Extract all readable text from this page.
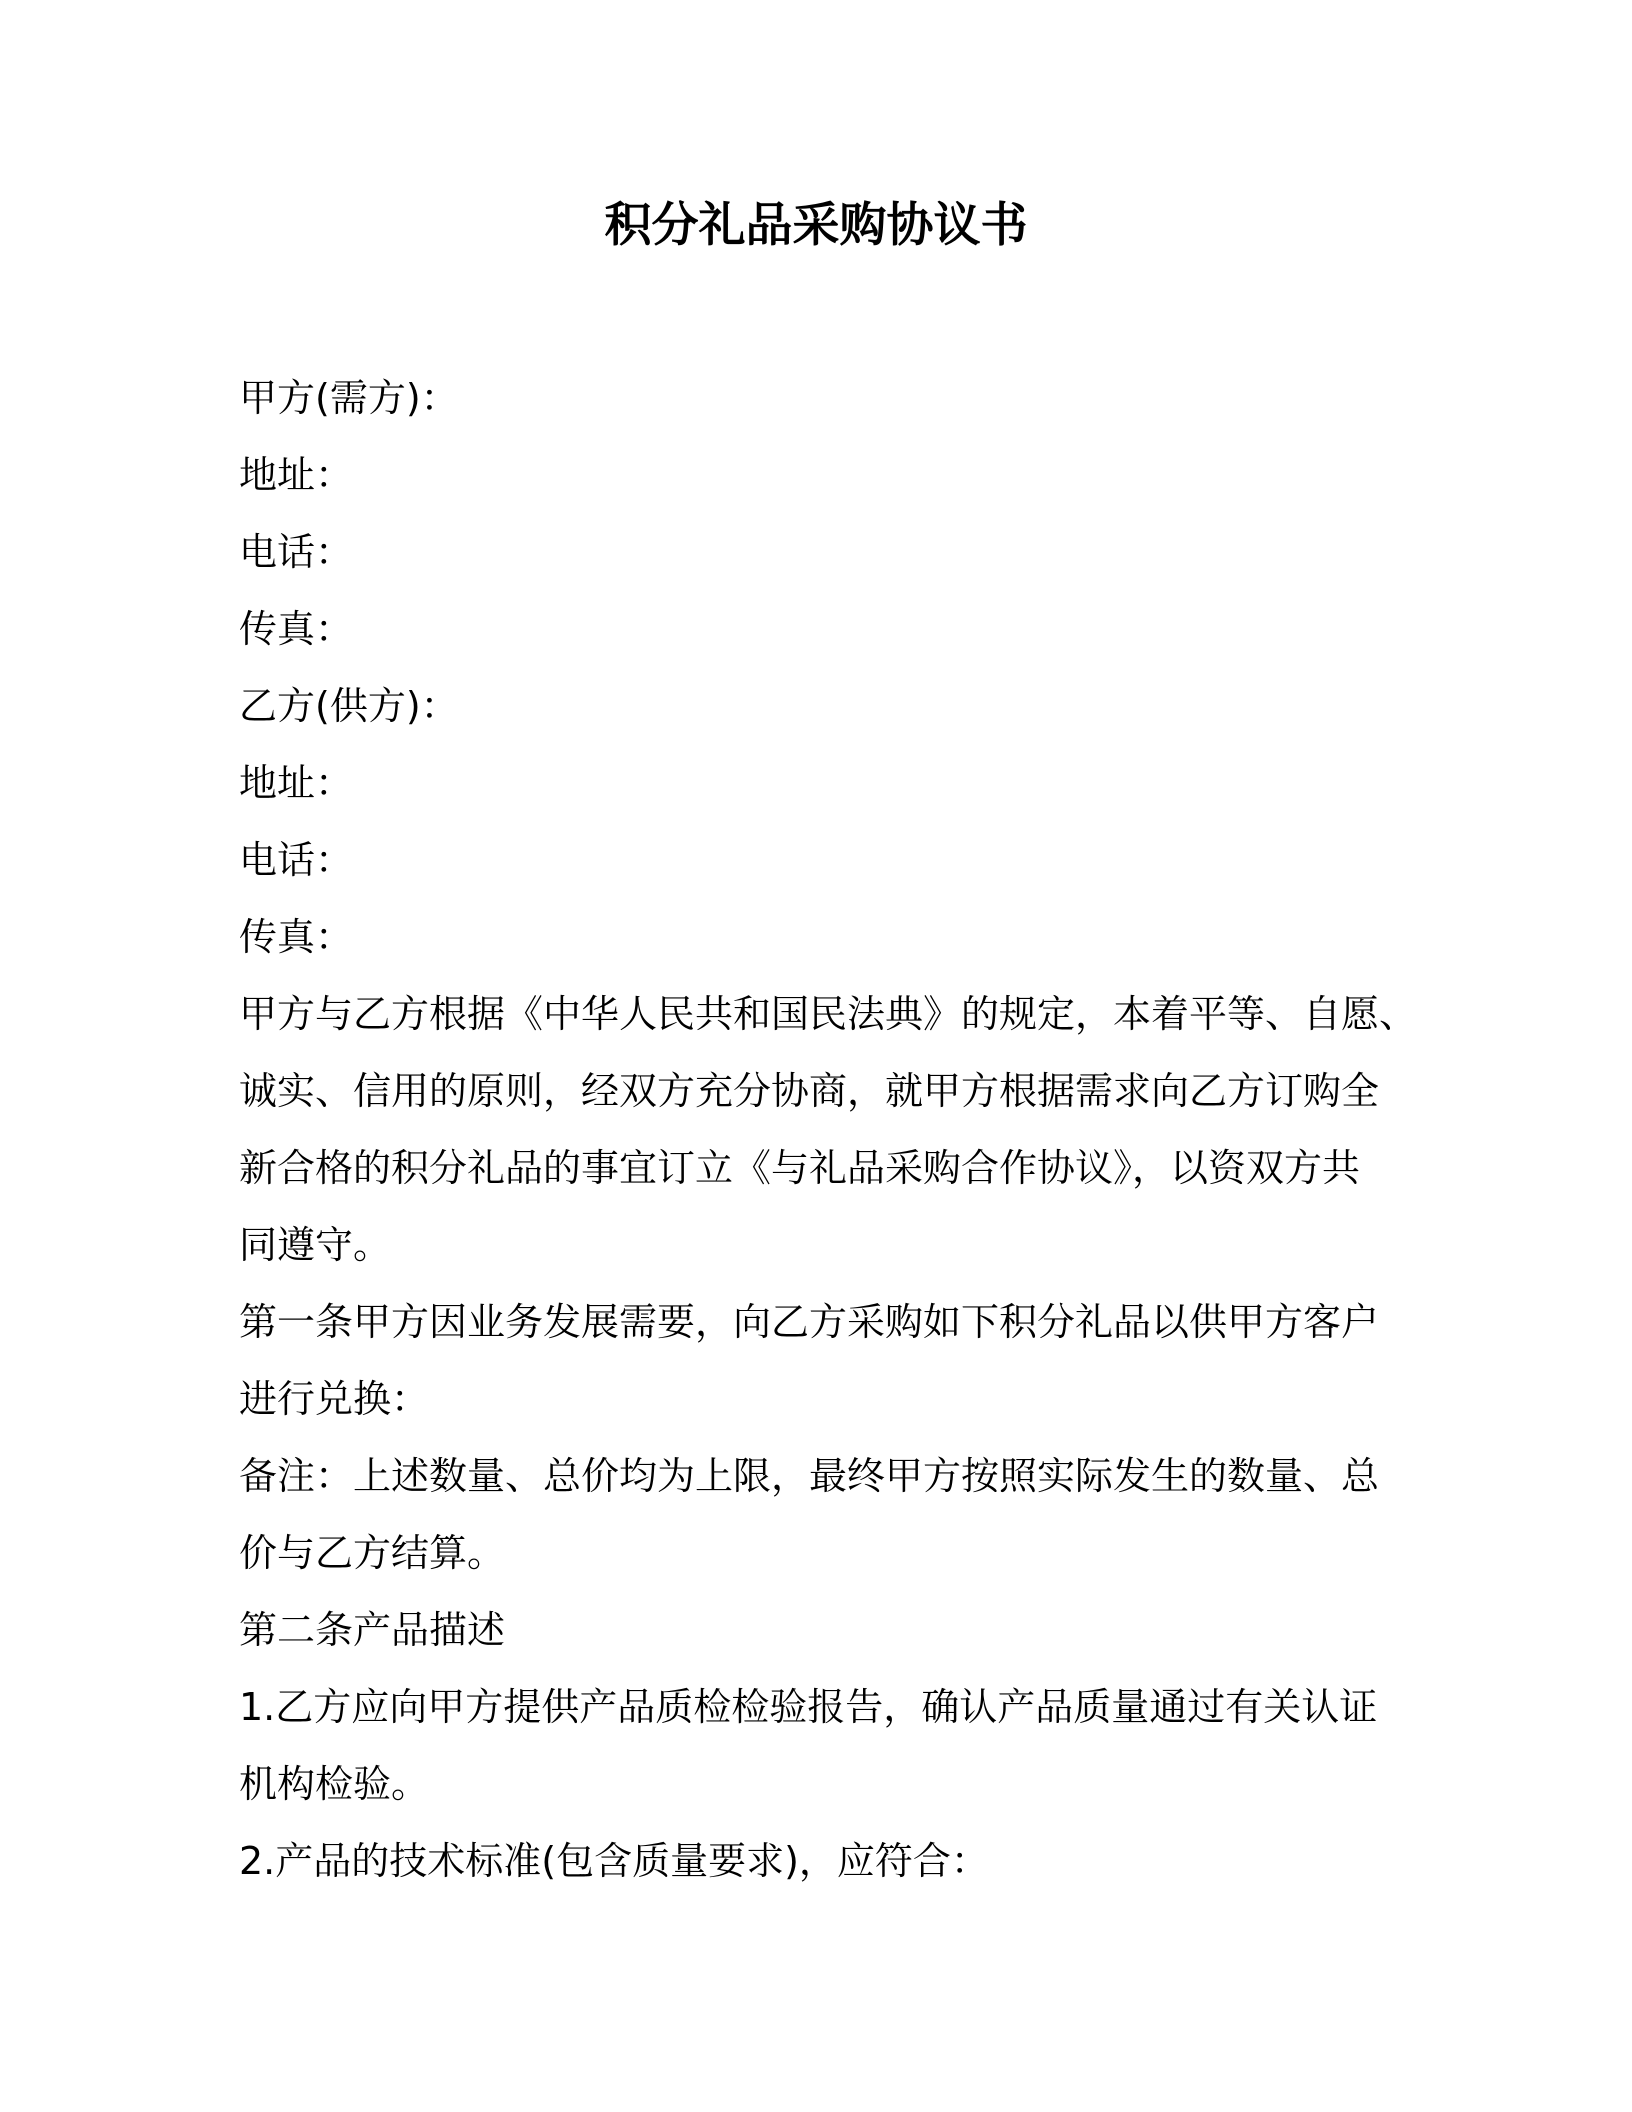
积分礼品采购协议书
甲方(需方)：
地址：
电话：
传真：
乙方(供方)：
地址：
电话：
传真：
甲方与乙方根据《中华人民共和国民法典》的规定，本着平等、自愿、
诚实、信用的原则，经双方充分协商，就甲方根据需求向乙方订购全
新合格的积分礼品的事宜订立《与礼品采购合作协议》，以资双方共
同遵守。
第一条甲方因业务发展需要，向乙方采购如下积分礼品以供甲方客户
进行兑换：
备注：上述数量、总价均为上限，最终甲方按照实际发生的数量、总
价与乙方结算。
第二条产品描述
1.乙方应向甲方提供产品质检检验报告，确认产品质量通过有关认证
机构检验。
2.产品的技术标准(包含质量要求)，应符合：
